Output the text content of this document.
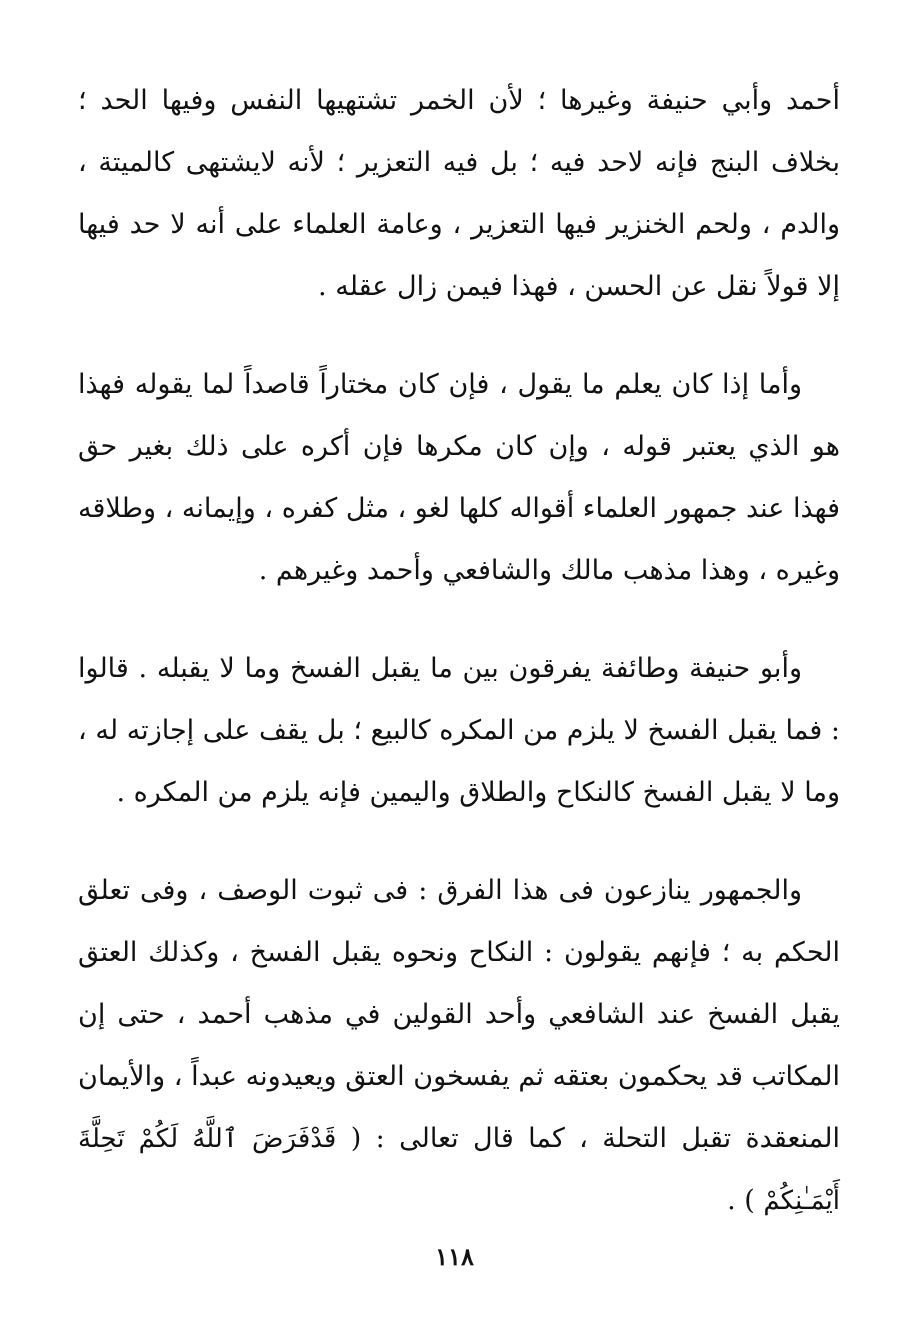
أحمد وأبي حنيفة وغيرها ؛ لأن الخمر تشتهيها النفس وفيها الحد ؛ بخلاف البنج فإنه لاحد فيه ؛ بل فيه التعزير ؛ لأنه لايشتهى كالميتة ، والدم ، ولحم الخنزير فيها التعزير ، وعامة العلماء على أنه لا حد فيها إلا قولاً نقل عن الحسن ، فهذا فيمن زال عقله .

وأما إذا كان يعلم ما يقول ، فإن كان مختاراً قاصداً لما يقوله فهذا هو الذي يعتبر قوله ، وإن كان مكرها فإن أكره على ذلك بغير حق فهذا عند جمهور العلماء أقواله كلها لغو ، مثل كفره ، وإيمانه ، وطلاقه وغيره ، وهذا مذهب مالك والشافعي وأحمد وغيرهم .

وأبو حنيفة وطائفة يفرقون بين ما يقبل الفسخ وما لا يقبله . قالوا : فما يقبل الفسخ لا يلزم من المكره كالبيع ؛ بل يقف على إجازته له ، وما لا يقبل الفسخ كالنكاح والطلاق واليمين فإنه يلزم من المكره .

والجمهور ينازعون فى هذا الفرق : فى ثبوت الوصف ، وفى تعلق الحكم به ؛ فإنهم يقولون : النكاح ونحوه يقبل الفسخ ، وكذلك العتق يقبل الفسخ عند الشافعي وأحد القولين في مذهب أحمد ، حتى إن المكاتب قد يحكمون بعتقه ثم يفسخون العتق ويعيدونه عبداً ، والأيمان المنعقدة تقبل التحلة ، كما قال تعالى : ( قَدْفَرَضَ ٱللَّهُ لَكُمْ تَحِلَّةَ أَيْمَـٰنِكُمْ ) .

١١٨
